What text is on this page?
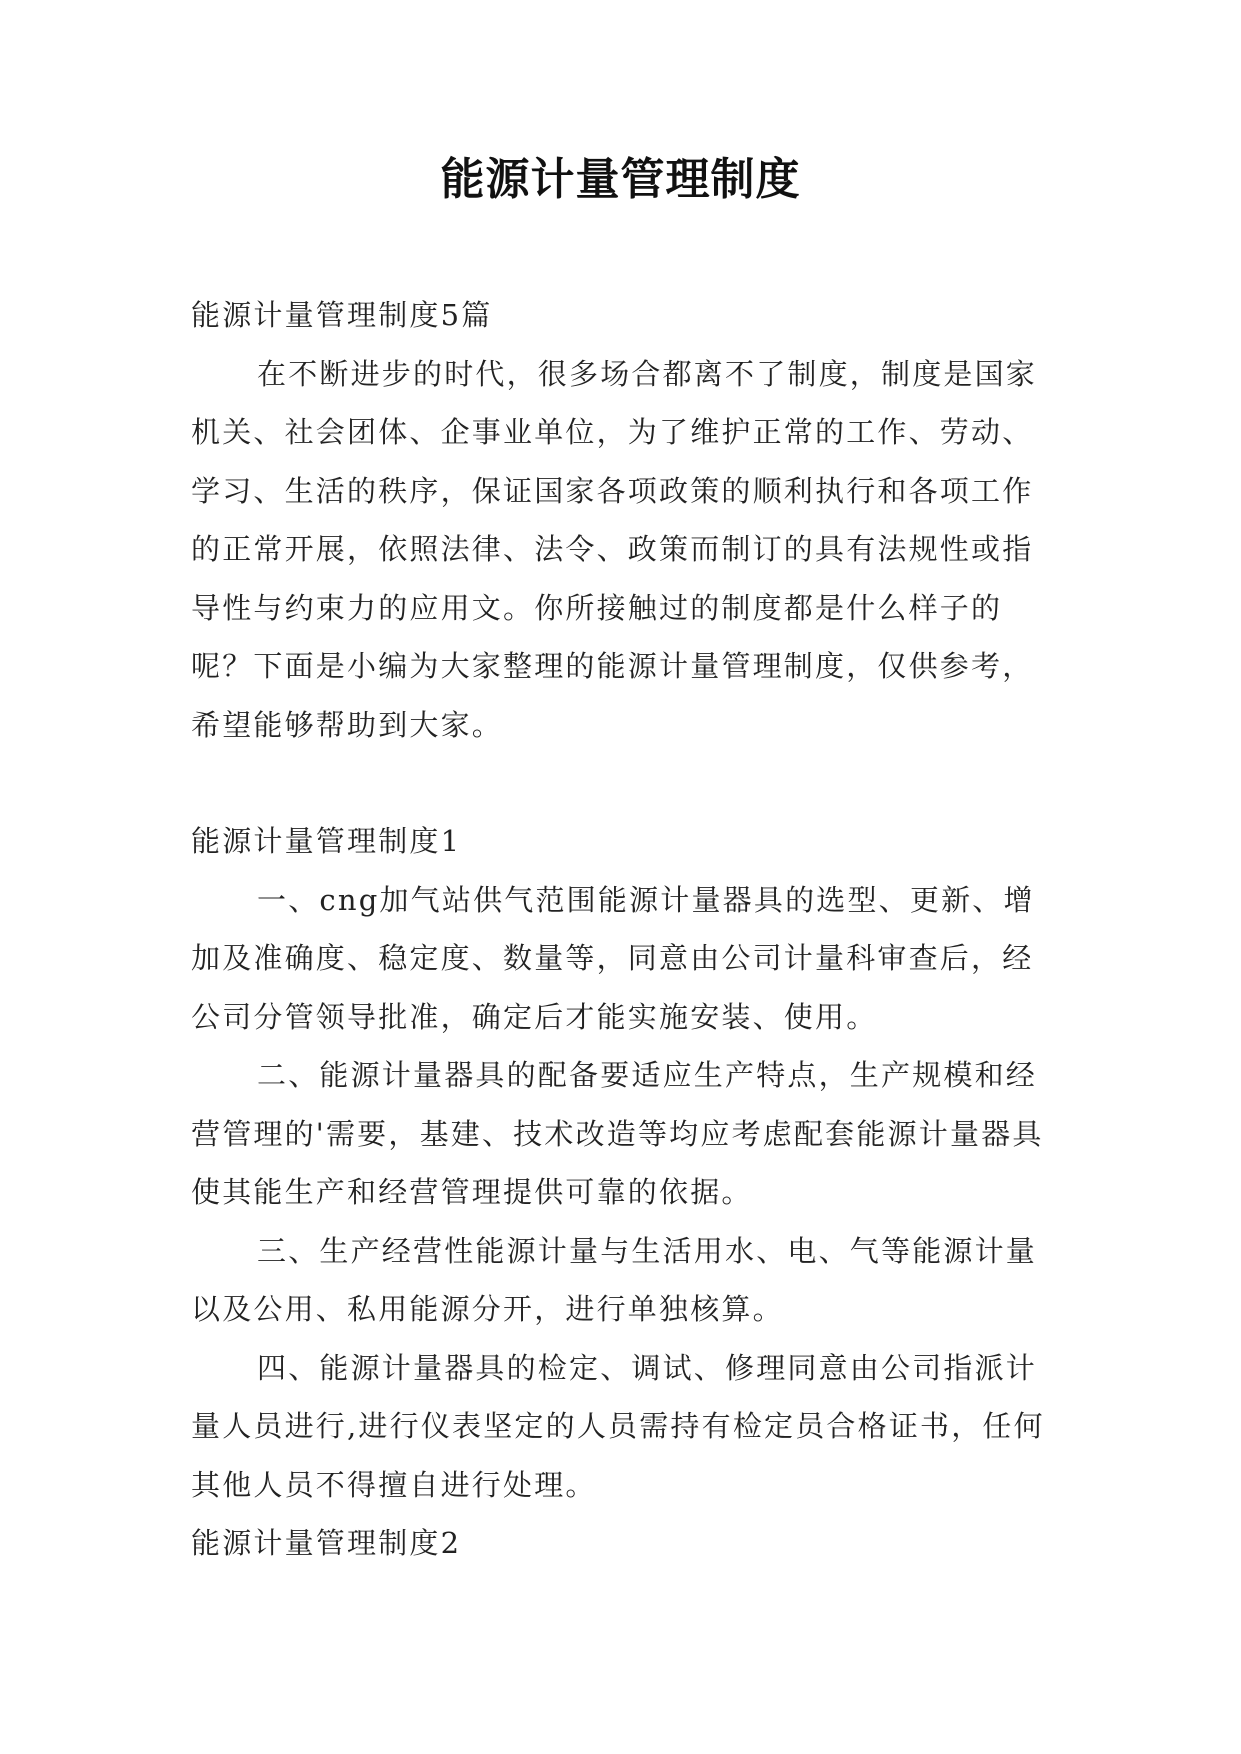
能源计量管理制度

能源计量管理制度5篇

在不断进步的时代，很多场合都离不了制度，制度是国家机关、社会团体、企事业单位，为了维护正常的工作、劳动、学习、生活的秩序，保证国家各项政策的顺利执行和各项工作的正常开展，依照法律、法令、政策而制订的具有法规性或指导性与约束力的应用文。你所接触过的制度都是什么样子的呢？下面是小编为大家整理的能源计量管理制度，仅供参考，希望能够帮助到大家。

能源计量管理制度1

一、cng加气站供气范围能源计量器具的选型、更新、增加及准确度、稳定度、数量等，同意由公司计量科审查后，经公司分管领导批准，确定后才能实施安装、使用。

二、能源计量器具的配备要适应生产特点，生产规模和经营管理的'需要，基建、技术改造等均应考虑配套能源计量器具使其能生产和经营管理提供可靠的依据。

三、生产经营性能源计量与生活用水、电、气等能源计量以及公用、私用能源分开，进行单独核算。

四、能源计量器具的检定、调试、修理同意由公司指派计量人员进行,进行仪表坚定的人员需持有检定员合格证书，任何其他人员不得擅自进行处理。

能源计量管理制度2
